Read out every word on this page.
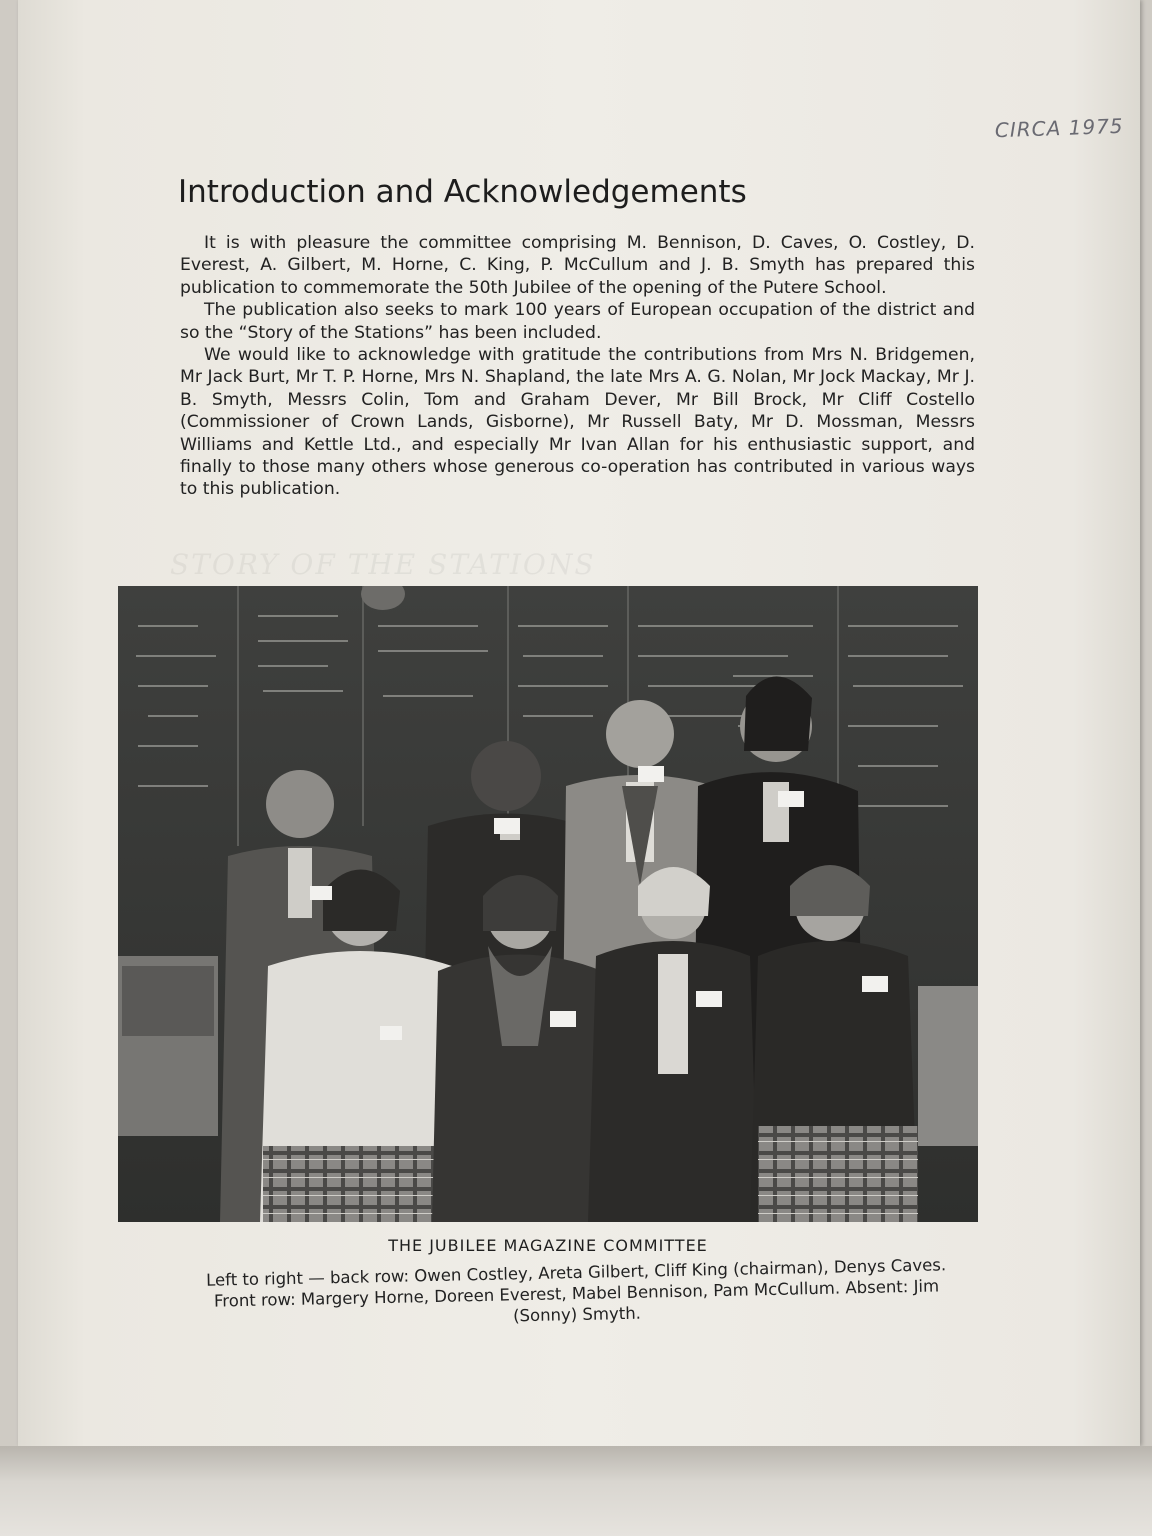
CIRCA 1975
Introduction and Acknowledgements

It is with pleasure the committee comprising M. Bennison, D. Caves, O. Costley, D. Everest, A. Gilbert, M. Horne, C. King, P. McCullum and J. B. Smyth has prepared this publication to commemorate the 50th Jubilee of the opening of the Putere School.

The publication also seeks to mark 100 years of European occupation of the district and so the “Story of the Stations” has been included.

We would like to acknowledge with gratitude the contributions from Mrs N. Bridgemen, Mr Jack Burt, Mr T. P. Horne, Mrs N. Shapland, the late Mrs A. G. Nolan, Mr Jock Mackay, Mr J. B. Smyth, Messrs Colin, Tom and Graham Dever, Mr Bill Brock, Mr Cliff Costello (Commissioner of Crown Lands, Gisborne), Mr Russell Baty, Mr D. Mossman, Messrs Williams and Kettle Ltd., and especially Mr Ivan Allan for his enthusiastic support, and finally to those many others whose generous co-operation has contributed in various ways to this publication.

STORY OF THE STATIONS
THE JUBILEE MAGAZINE COMMITTEE
Left to right — back row: Owen Costley, Areta Gilbert, Cliff King (chairman), Denys Caves. Front row: Margery Horne, Doreen Everest, Mabel Bennison, Pam McCullum. Absent: Jim (Sonny) Smyth.
